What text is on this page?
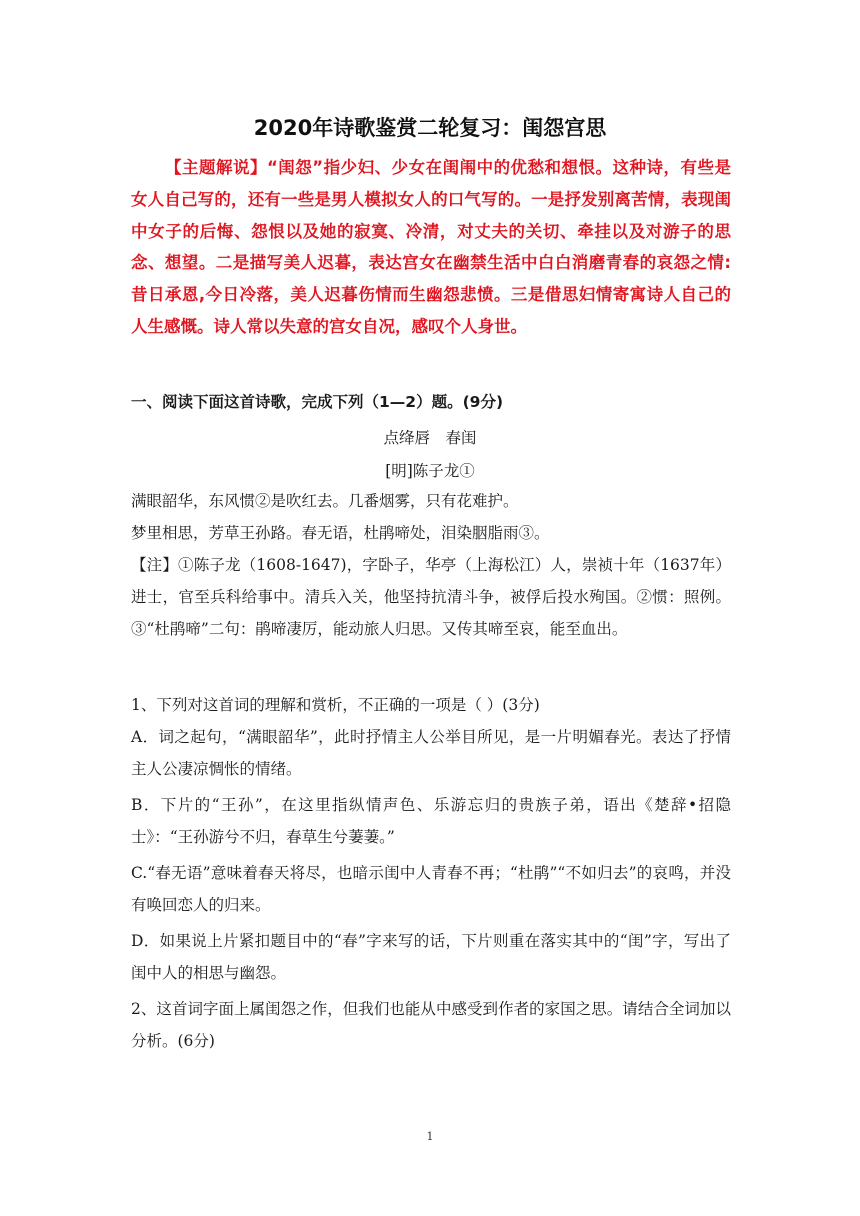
2020年诗歌鉴赏二轮复习：闺怨宫思
【主题解说】“闺怨”指少妇、少女在闺闱中的优愁和想恨。这种诗，有些是女人自己写的，还有一些是男人模拟女人的口气写的。一是抒发别离苦情，表现闺中女子的后悔、怨恨以及她的寂寞、冷清，对丈夫的关切、牵挂以及对游子的思念、想望。二是描写美人迟暮，表达宫女在幽禁生活中白白消磨青春的哀怨之情:昔日承恩,今日冷落，美人迟暮伤情而生幽怨悲愤。三是借思妇情寄寓诗人自己的人生感慨。诗人常以失意的宫女自况，感叹个人身世。
一、阅读下面这首诗歌，完成下列（1—2）题。(9分)
点绛唇　春闺
[明]陈子龙①
满眼韶华，东风惯②是吹红去。几番烟雾，只有花难护。
梦里相思，芳草王孙路。春无语，杜鹃啼处，泪染胭脂雨③。
【注】①陈子龙（1608-1647)，字卧子，华亭（上海松江）人，崇祯十年（1637年）进士，官至兵科给事中。清兵入关，他坚持抗清斗争，被俘后投水殉国。②惯：照例。③“杜鹃啼”二句：鹃啼凄厉，能动旅人归思。又传其啼至哀，能至血出。
1、下列对这首词的理解和赏析，不正确的一项是（ ）(3分)
A．词之起句，“满眼韶华”，此时抒情主人公举目所见，是一片明媚春光。表达了抒情主人公凄凉惆怅的情绪。
B．下片的“王孙”，在这里指纵情声色、乐游忘归的贵族子弟，语出《楚辞•招隐士》：“王孙游兮不归，春草生兮萋萋。”
C.“春无语”意味着春天将尽，也暗示闺中人青春不再；“杜鹃”“不如归去”的哀鸣，并没有唤回恋人的归来。
D．如果说上片紧扣题目中的“春”字来写的话，下片则重在落实其中的“闺”字，写出了闺中人的相思与幽怨。
2、这首词字面上属闺怨之作，但我们也能从中感受到作者的家国之思。请结合全词加以分析。(6分)
1
